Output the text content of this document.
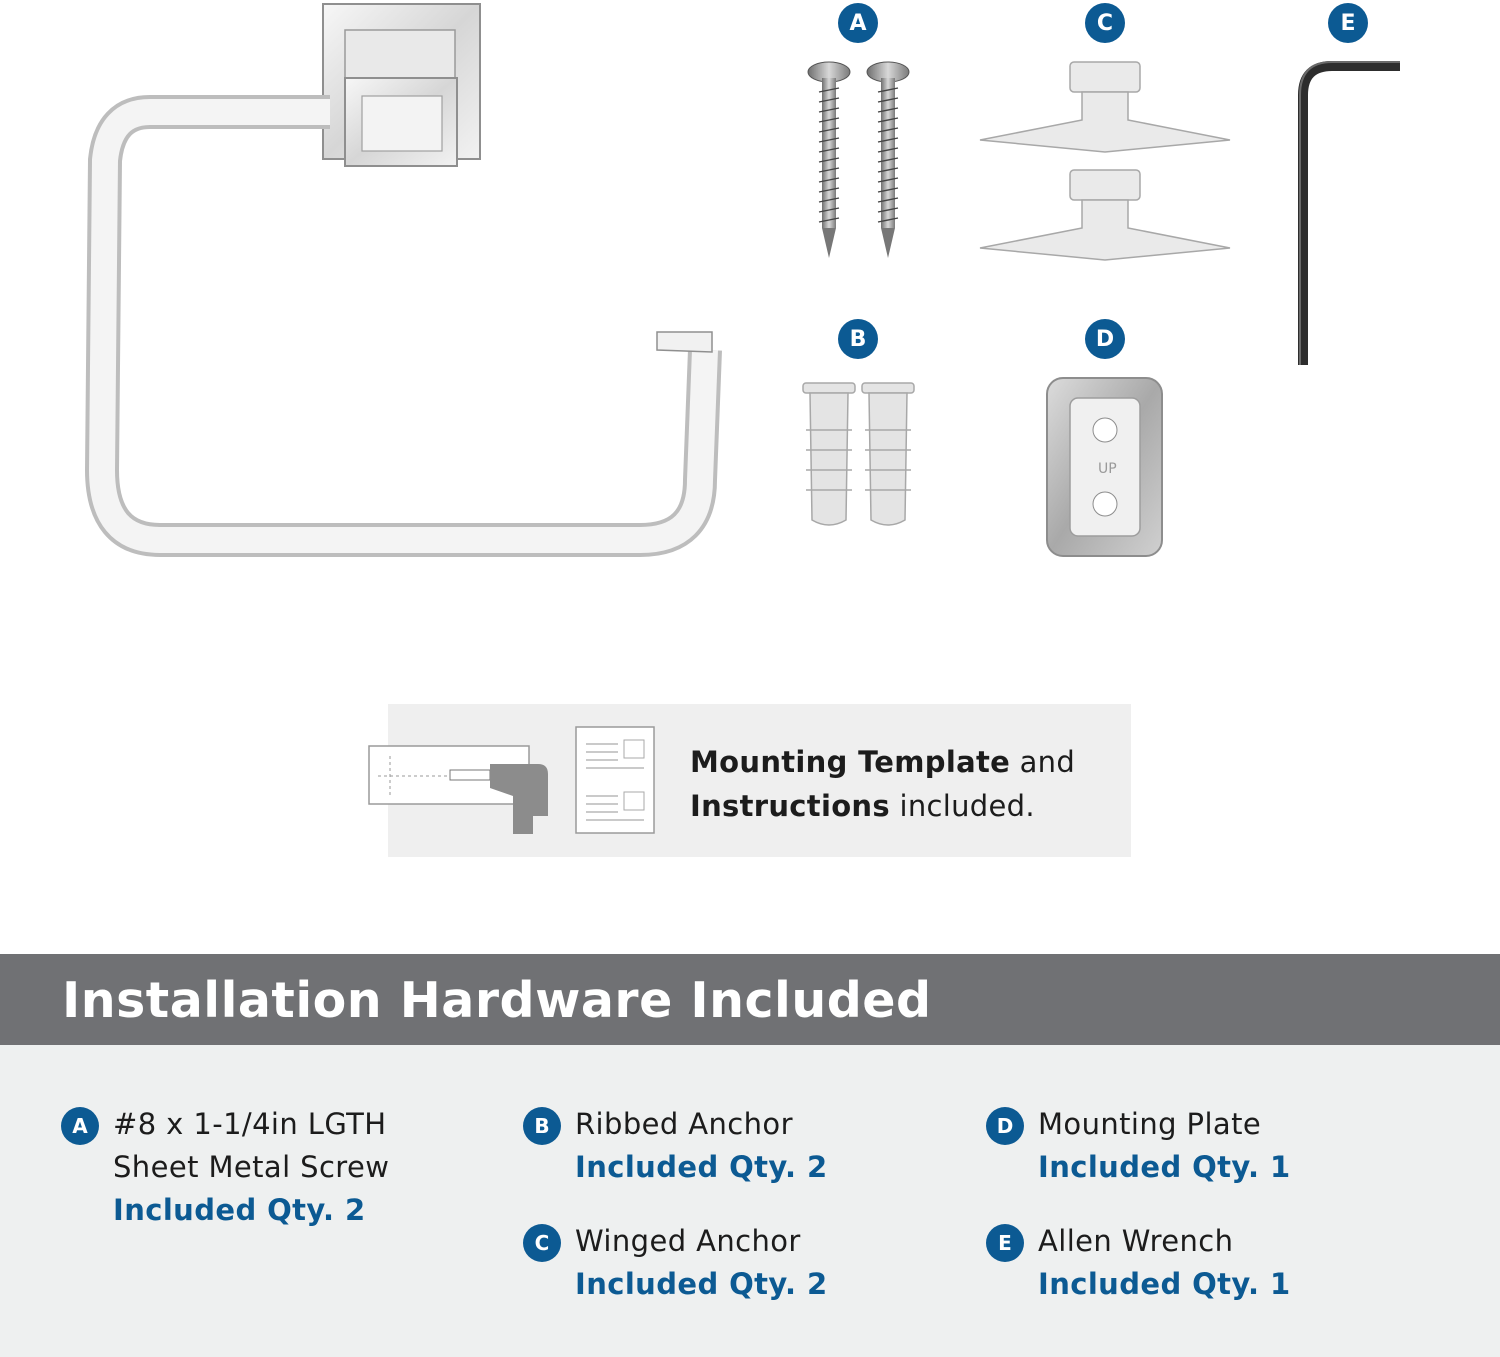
UP
A
B
C
D
E
Mounting Template and
Instructions included.
Installation Hardware Included
A #8 x 1-1/4in LGTH
Sheet Metal Screw
Included Qty. 2
B Ribbed Anchor
Included Qty. 2
C Winged Anchor
Included Qty. 2
D Mounting Plate
Included Qty. 1
E Allen Wrench
Included Qty. 1
